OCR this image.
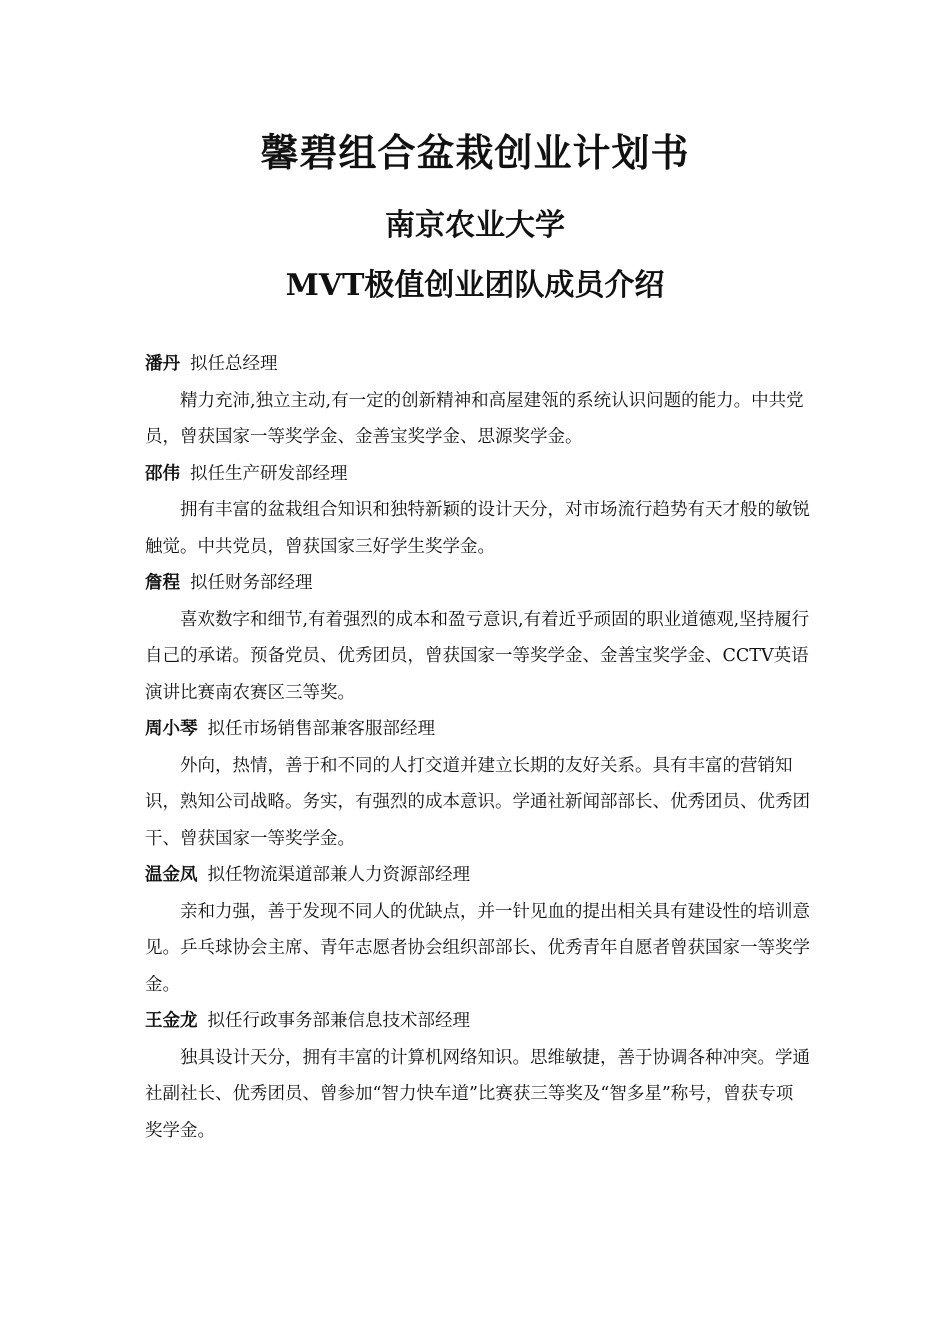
馨碧组合盆栽创业计划书
南京农业大学
MVT极值创业团队成员介绍

潘丹 拟任总经理

精力充沛,独立主动,有一定的创新精神和高屋建瓴的系统认识问题的能力。中共党员，曾获国家一等奖学金、金善宝奖学金、思源奖学金。

邵伟 拟任生产研发部经理

拥有丰富的盆栽组合知识和独特新颖的设计天分，对市场流行趋势有天才般的敏锐触觉。中共党员，曾获国家三好学生奖学金。

詹程 拟任财务部经理

喜欢数字和细节,有着强烈的成本和盈亏意识,有着近乎顽固的职业道德观,坚持履行自己的承诺。预备党员、优秀团员，曾获国家一等奖学金、金善宝奖学金、CCTV英语演讲比赛南农赛区三等奖。

周小琴 拟任市场销售部兼客服部经理

外向，热情，善于和不同的人打交道并建立长期的友好关系。具有丰富的营销知识，熟知公司战略。务实，有强烈的成本意识。学通社新闻部部长、优秀团员、优秀团干、曾获国家一等奖学金。

温金凤 拟任物流渠道部兼人力资源部经理

亲和力强，善于发现不同人的优缺点，并一针见血的提出相关具有建设性的培训意见。乒乓球协会主席、青年志愿者协会组织部部长、优秀青年自愿者曾获国家一等奖学金。

王金龙 拟任行政事务部兼信息技术部经理

独具设计天分，拥有丰富的计算机网络知识。思维敏捷，善于协调各种冲突。学通社副社长、优秀团员、曾参加“智力快车道”比赛获三等奖及“智多星”称号，曾获专项奖学金。
